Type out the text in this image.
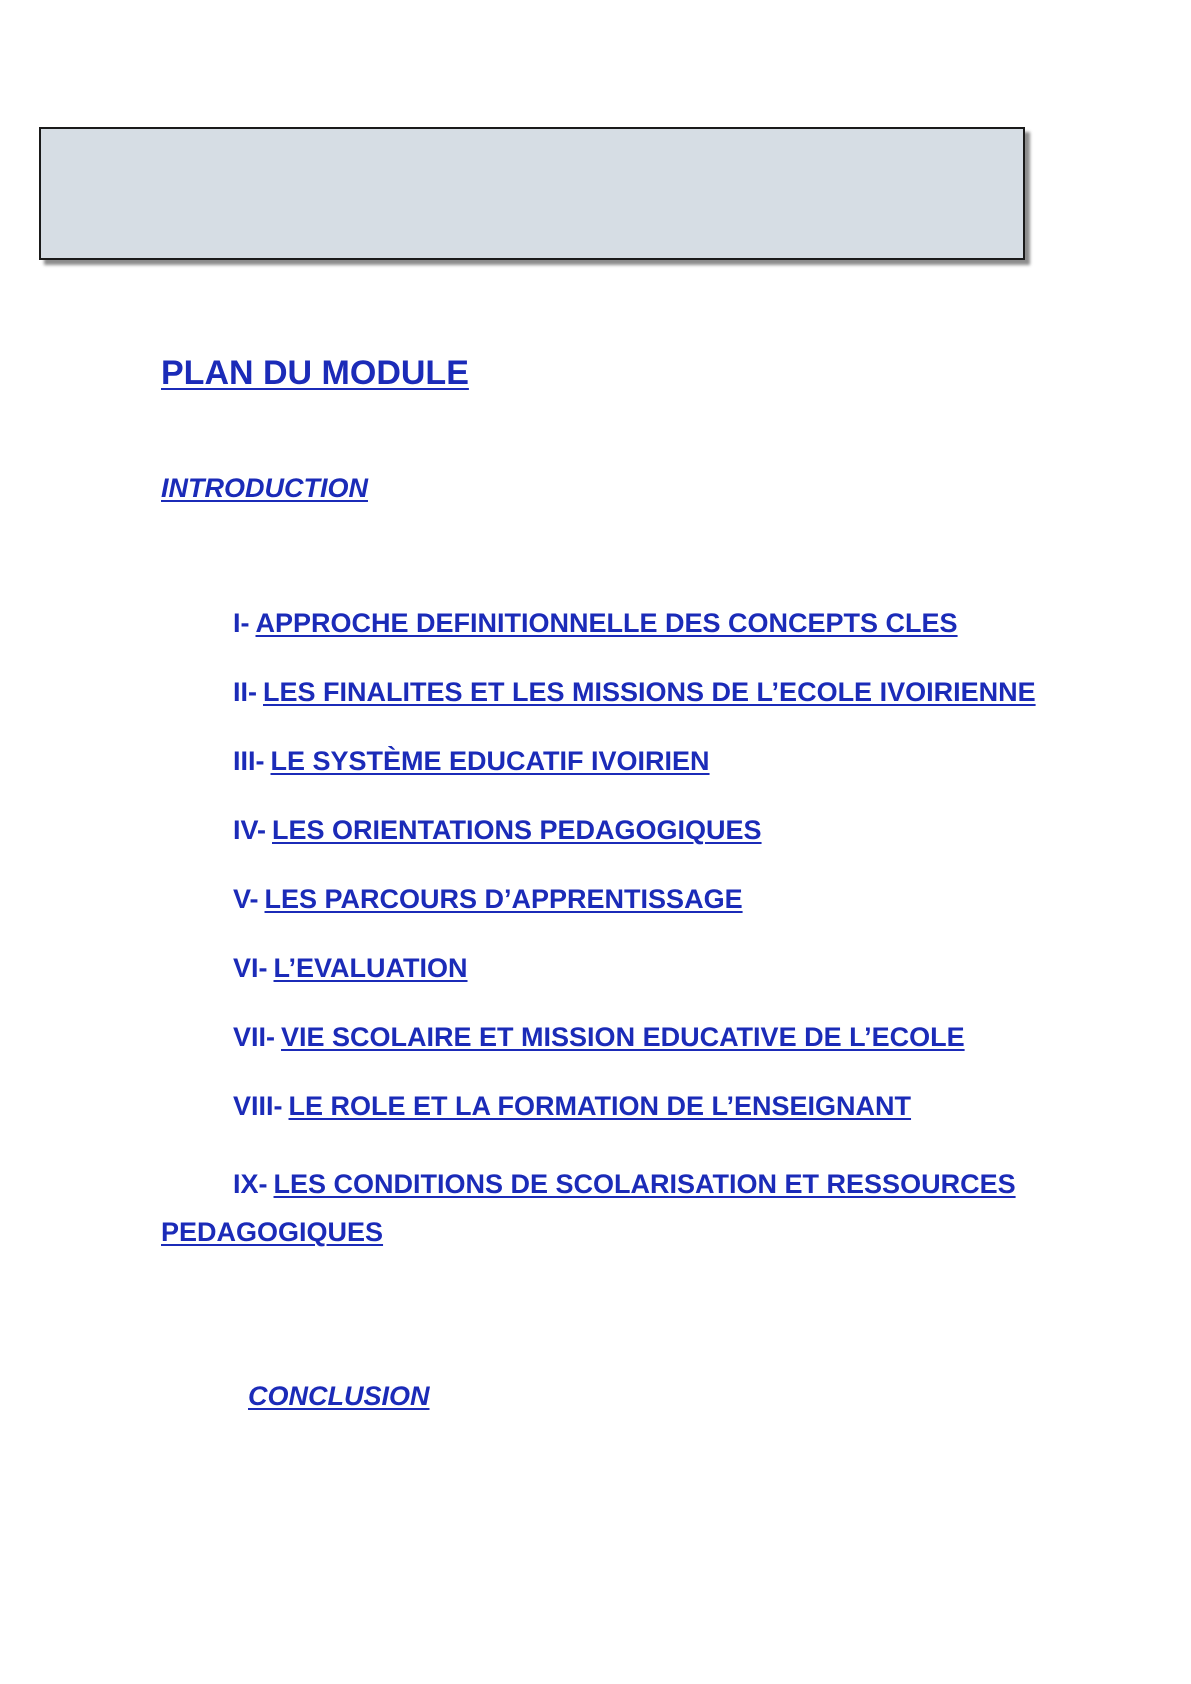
PLAN DU MODULE

INTRODUCTION

I- APPROCHE DEFINITIONNELLE DES CONCEPTS CLES

II- LES FINALITES ET LES MISSIONS DE L’ECOLE IVOIRIENNE

III- LE SYSTÈME EDUCATIF IVOIRIEN

IV- LES ORIENTATIONS PEDAGOGIQUES

V- LES PARCOURS D’APPRENTISSAGE

VI- L’EVALUATION

VII- VIE SCOLAIRE ET MISSION EDUCATIVE DE L’ECOLE

VIII- LE ROLE ET LA FORMATION DE L’ENSEIGNANT

IX- LES CONDITIONS DE SCOLARISATION ET RESSOURCES PEDAGOGIQUES

CONCLUSION
